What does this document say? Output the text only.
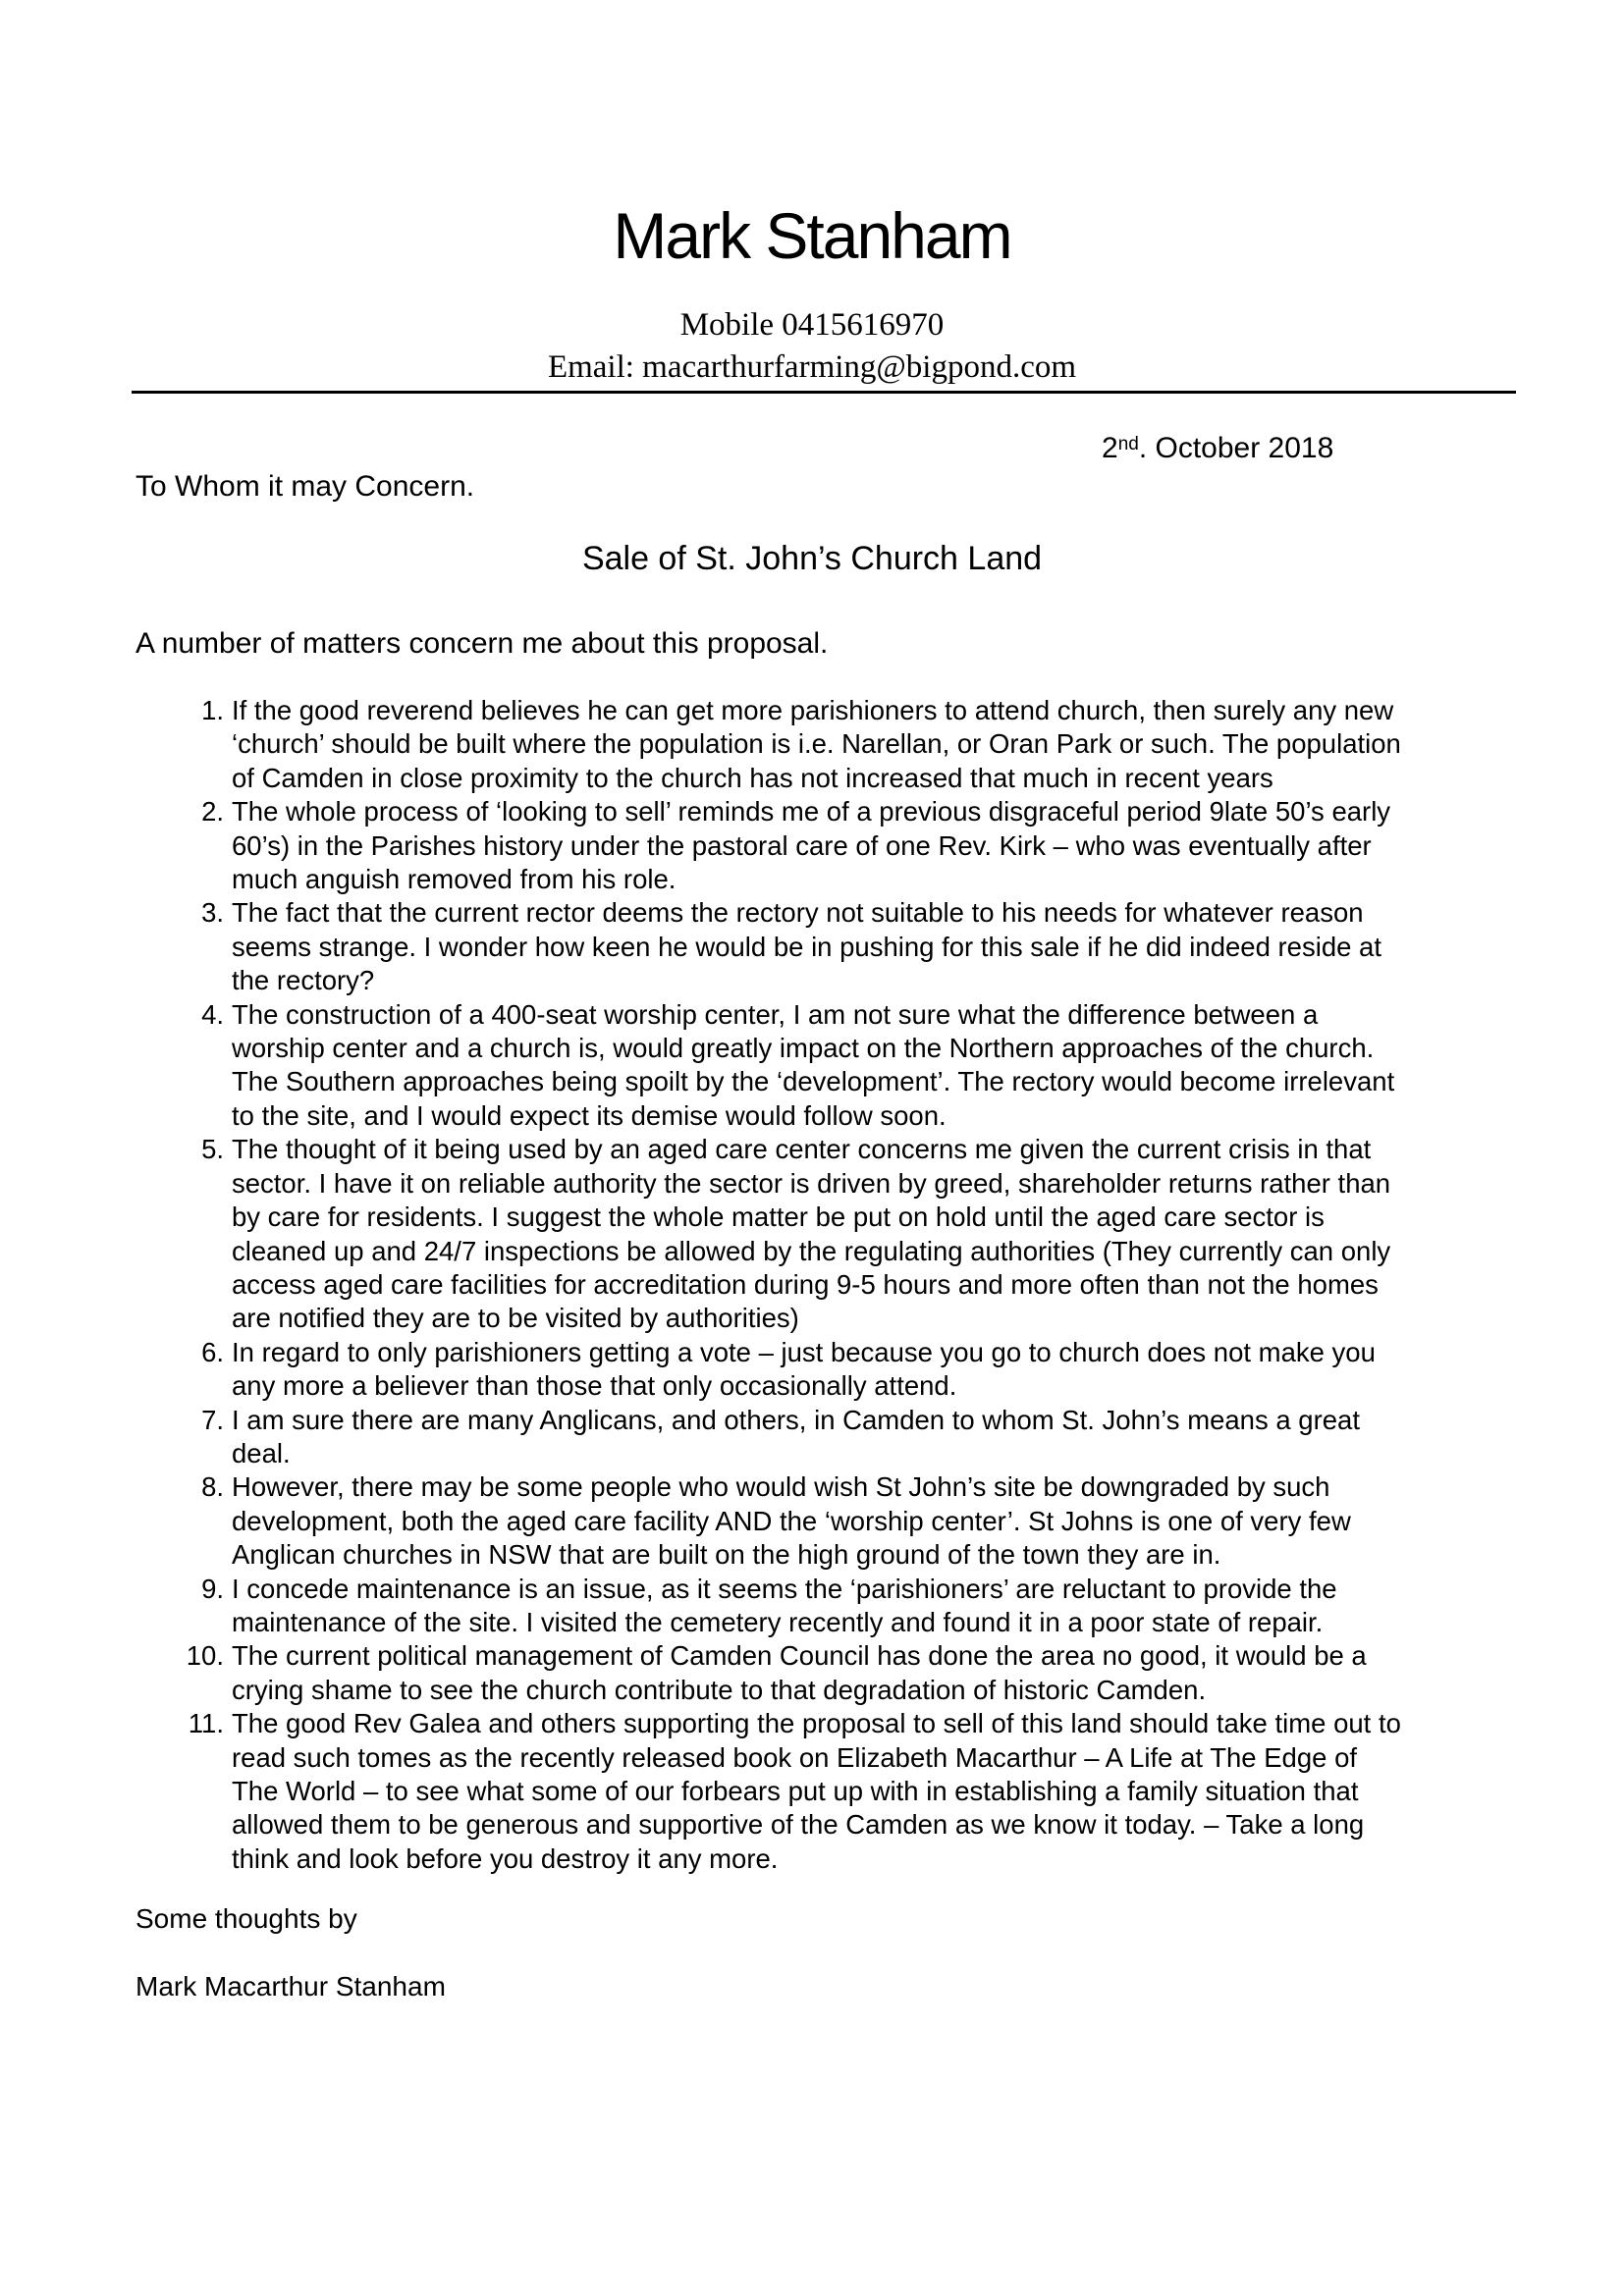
Mark Stanham
Mobile 0415616970
Email: macarthurfarming@bigpond.com
2nd. October 2018
To Whom it may Concern.
Sale of St. John’s Church Land
A number of matters concern me about this proposal.
1. If the good reverend believes he can get more parishioners to attend church, then surely any new
‘church’ should be built where the population is i.e. Narellan, or Oran Park or such. The population
of Camden in close proximity to the church has not increased that much in recent years
2. The whole process of ‘looking to sell’ reminds me of a previous disgraceful period 9late 50’s early
60’s) in the Parishes history under the pastoral care of one Rev. Kirk – who was eventually after
much anguish removed from his role.
3. The fact that the current rector deems the rectory not suitable to his needs for whatever reason
seems strange. I wonder how keen he would be in pushing for this sale if he did indeed reside at
the rectory?
4. The construction of a 400-seat worship center, I am not sure what the difference between a
worship center and a church is, would greatly impact on the Northern approaches of the church.
The Southern approaches being spoilt by the ‘development’. The rectory would become irrelevant
to the site, and I would expect its demise would follow soon.
5. The thought of it being used by an aged care center concerns me given the current crisis in that
sector. I have it on reliable authority the sector is driven by greed, shareholder returns rather than
by care for residents. I suggest the whole matter be put on hold until the aged care sector is
cleaned up and 24/7 inspections be allowed by the regulating authorities (They currently can only
access aged care facilities for accreditation during 9-5 hours and more often than not the homes
are notified they are to be visited by authorities)
6. In regard to only parishioners getting a vote – just because you go to church does not make you
any more a believer than those that only occasionally attend.
7. I am sure there are many Anglicans, and others, in Camden to whom St. John’s means a great
deal.
8. However, there may be some people who would wish St John’s site be downgraded by such
development, both the aged care facility AND the ‘worship center’. St Johns is one of very few
Anglican churches in NSW that are built on the high ground of the town they are in.
9. I concede maintenance is an issue, as it seems the ‘parishioners’ are reluctant to provide the
maintenance of the site. I visited the cemetery recently and found it in a poor state of repair.
10. The current political management of Camden Council has done the area no good, it would be a
crying shame to see the church contribute to that degradation of historic Camden.
11. The good Rev Galea and others supporting the proposal to sell of this land should take time out to
read such tomes as the recently released book on Elizabeth Macarthur – A Life at The Edge of
The World – to see what some of our forbears put up with in establishing a family situation that
allowed them to be generous and supportive of the Camden as we know it today. – Take a long
think and look before you destroy it any more.
Some thoughts by
Mark Macarthur Stanham
